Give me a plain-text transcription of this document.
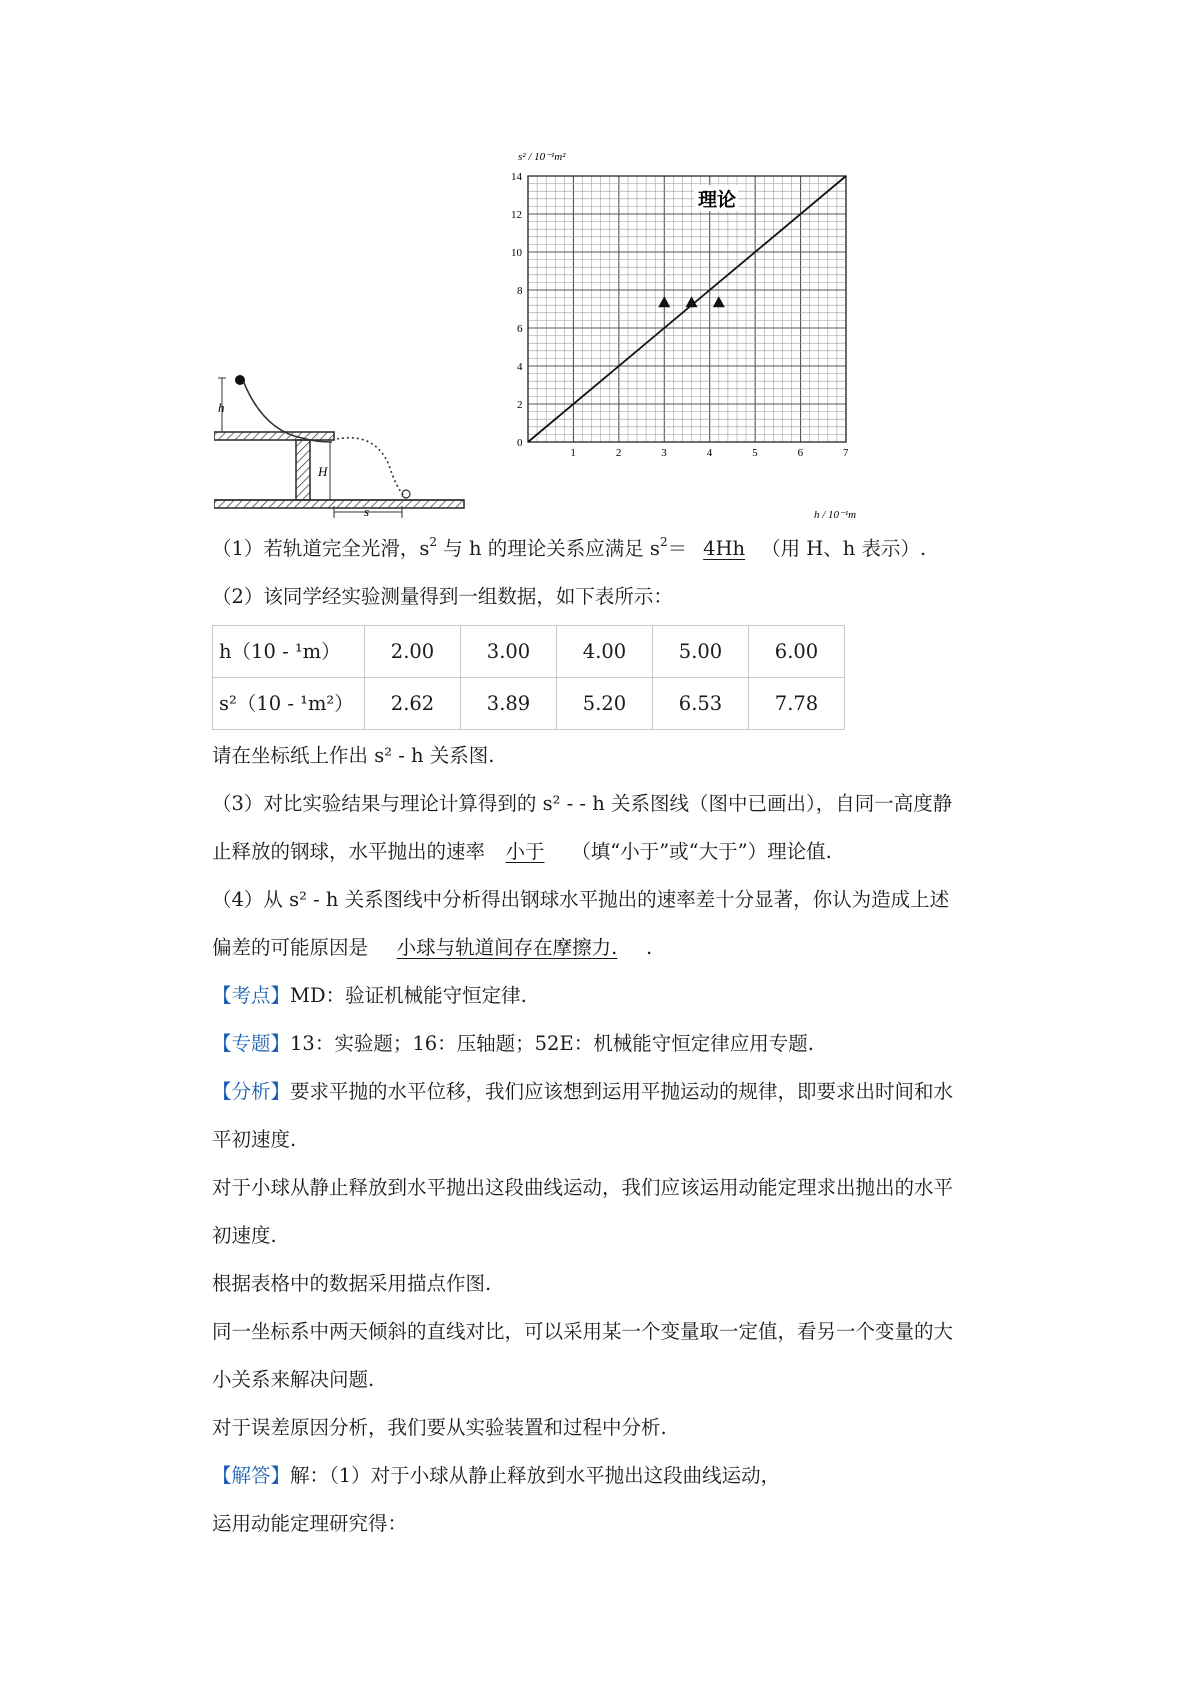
h
H
s
1	2	3	4	5	6	7
0
2
4
6
8
10
12
14
s² / 10⁻¹m²
h / 10⁻¹m
理论
（1）若轨道完全光滑，$s^2$ 与 h 的理论关系应满足 $s^2= 4Hh$ （用 H、h 表示）.
（2）该同学经实验测量得到一组数据，如下表所示：
h（10 - ¹m）	2.00	3.00	4.00	5.00	6.00
s²（10 - ¹m²）	2.62	3.89	5.20	6.53	7.78
请在坐标纸上作出 s² - h 关系图.
（3）对比实验结果与理论计算得到的 s² - - h 关系图线（图中已画出），自同一高度静
止释放的钢球，水平抛出的速率 小于 （填“小于”或“大于”）理论值.
（4）从 s² - h 关系图线中分析得出钢球水平抛出的速率差十分显著，你认为造成上述
偏差的可能原因是 小球与轨道间存在摩擦力. .
【考点】MD：验证机械能守恒定律.
【专题】13：实验题；16：压轴题；52E：机械能守恒定律应用专题.
【分析】要求平抛的水平位移，我们应该想到运用平抛运动的规律，即要求出时间和水
平初速度.
对于小球从静止释放到水平抛出这段曲线运动，我们应该运用动能定理求出抛出的水平
初速度.
根据表格中的数据采用描点作图.
同一坐标系中两天倾斜的直线对比，可以采用某一个变量取一定值，看另一个变量的大
小关系来解决问题.
对于误差原因分析，我们要从实验装置和过程中分析.
【解答】解：（1）对于小球从静止释放到水平抛出这段曲线运动，
运用动能定理研究得：
